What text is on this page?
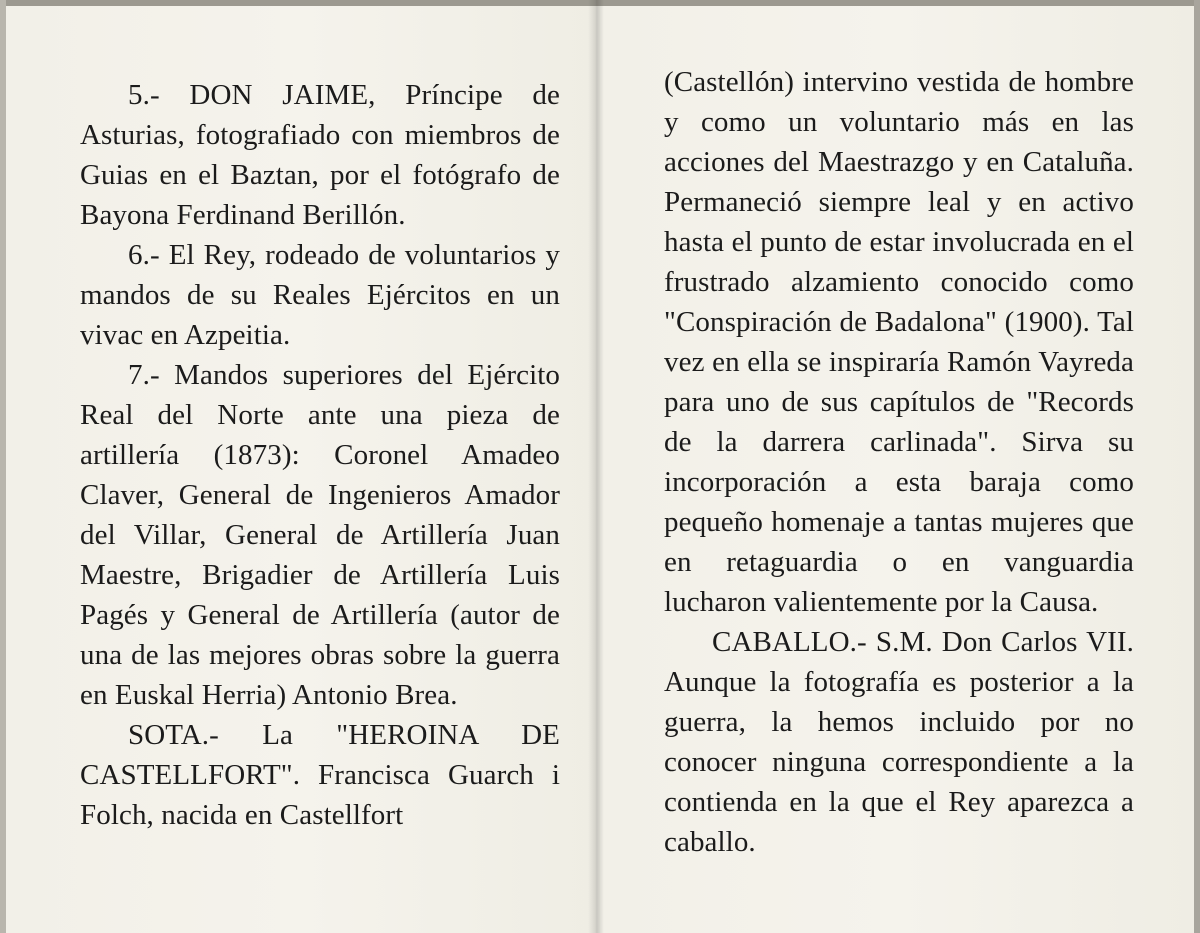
5.- DON JAIME, Príncipe de Asturias, fotografiado con miembros de Guias en el Baztan, por el fotógrafo de Bayona Ferdinand Berillón.

6.- El Rey, rodeado de voluntarios y mandos de su Reales Ejércitos en un vivac en Azpeitia.

7.- Mandos superiores del Ejército Real del Norte ante una pieza de artillería (1873): Coronel Amadeo Claver, General de Ingenieros Amador del Villar, General de Artillería Juan Maestre, Brigadier de Artillería Luis Pagés y General de Artillería (autor de una de las mejores obras sobre la guerra en Euskal Herria) Antonio Brea.

SOTA.- La "HEROINA DE CASTELLFORT". Francisca Guarch i Folch, nacida en Castellfort

(Castellón) intervino vestida de hombre y como un voluntario más en las acciones del Maestrazgo y en Cataluña. Permaneció siempre leal y en activo hasta el punto de estar involucrada en el frustrado alzamiento conocido como "Conspiración de Badalona" (1900). Tal vez en ella se inspiraría Ramón Vayreda para uno de sus capítulos de "Records de la darrera carlinada". Sirva su incorporación a esta baraja como pequeño homenaje a tantas mujeres que en retaguardia o en vanguardia lucharon valientemente por la Causa.

CABALLO.- S.M. Don Carlos VII. Aunque la fotografía es posterior a la guerra, la hemos incluido por no conocer ninguna correspondiente a la contienda en la que el Rey aparezca a caballo.
